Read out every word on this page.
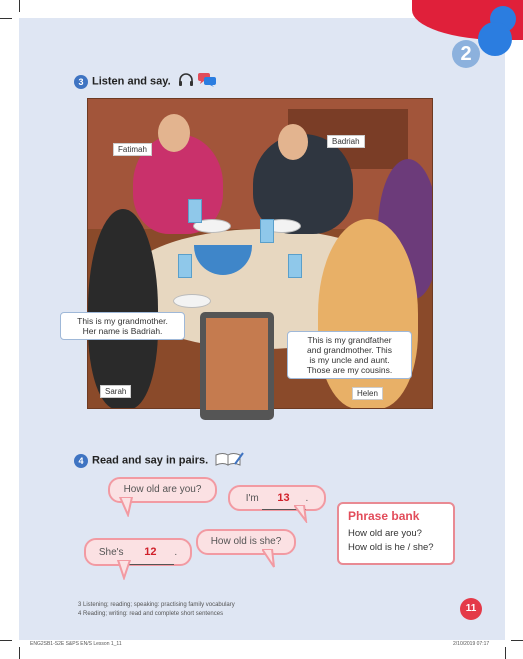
2
3 Listen and say.
Fatimah
Badriah
Sarah	Helen
This is my grandmother.
Her name is Badriah.
This is my grandfather
and grandmother. This
is my uncle and aunt.
Those are my cousins.
4 Read and say in pairs.
How old are you?
I'm 13 .
How old is she?
She's 12 .
Phrase bank
How old are you?
How old is he / she?
3 Listening; reading; speaking: practising family vocabulary
4 Reading; writing: read and complete short sentences	11
ENG2SB1-S2E S&PS EN/S Lesson 1_11	2/10/2019 07:17
